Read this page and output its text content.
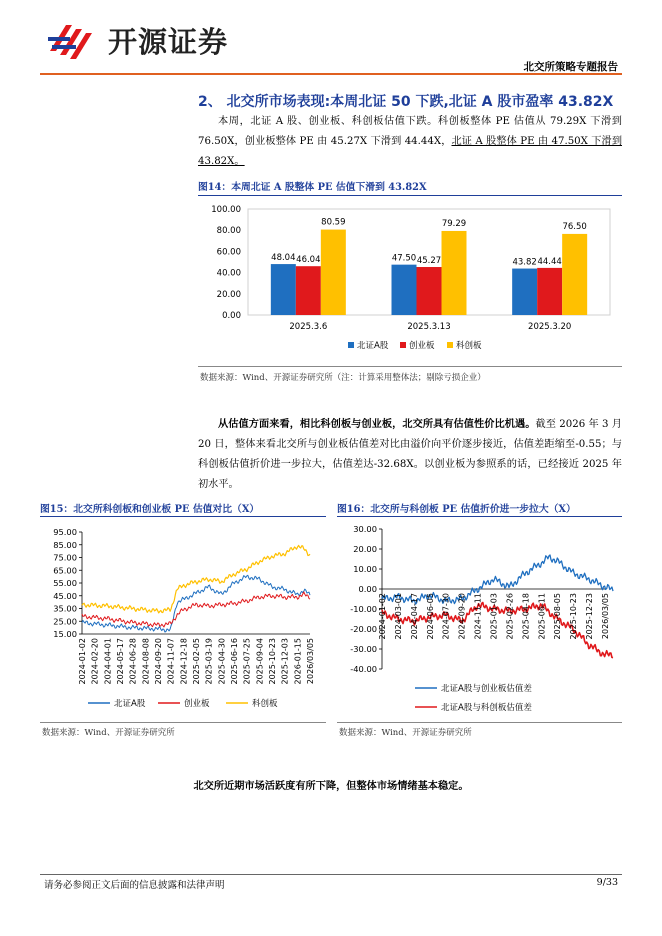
开源证券
北交所策略专题报告
2、 北交所市场表现:本周北证 50 下跌,北证 A 股市盈率 43.82X
本周，北证 A 股、创业板、科创板估值下跌。科创板整体 PE 估值从 79.29X 下滑到 76.50X，创业板整体 PE 由 45.27X 下滑到 44.44X，北证 A 股整体 PE 由 47.50X 下滑到 43.82X。
图14：本周北证 A 股整体 PE 估值下滑到 43.82X
0.00
20.00
40.00
60.00
80.00
100.00
2025.3.6
48.04 46.04
80.59
2025.3.13
47.50 45.27
79.29
2025.3.20
43.82 44.44
76.50
北证A股 创业板	科创板
数据来源：Wind、开源证券研究所（注：计算采用整体法；剔除亏损企业）
从估值方面来看，相比科创板与创业板，北交所具有估值性价比机遇。截至 2026 年 3 月 20 日，整体来看北交所与创业板估值差对比由溢价向平价逐步接近，估值差距缩至-0.55；与科创板估值折价进一步拉大，估值差达-32.68X。以创业板为参照系的话，已经接近 2025 年初水平。
图15：北交所科创板和创业板 PE 估值对比（X）
15.00
25.00
35.00
45.00
55.00
65.00
75.00
85.00
95.00
2024-01-02 2024-02-20 2024-04-01 2024-05-17 2024-06-28 2024-08-08 2024-09-20 2024-11-07 2024-12-18 2025-02-05 2025-03-19 2025-04-30 2025-06-16 2025-07-25 2025-09-04 2025-10-23 2025-12-03 2026-01-15 2026/03/05
北证A股	创业板	科创板
数据来源：Wind、开源证券研究所
图16：北交所与科创板 PE 估值折价进一步拉大（X）
-40.00
-30.00
-20.00
-10.00
0.00
10.00
20.00
30.00
2024-01-02 2024-03-01 2024-04-17 2024-06-05 2024-07-30 2024-09-20 2024-11-11 2025-01-03 2025-02-26 2025-04-18 2025-06-11 2025-08-05 2025-10-23 2025-12-23 2026/03/05
北证A股与创业板估值差
北证A股与科创板估值差
数据来源：Wind、开源证券研究所
北交所近期市场活跃度有所下降，但整体市场情绪基本稳定。
请务必参阅正文后面的信息披露和法律声明	9/33
